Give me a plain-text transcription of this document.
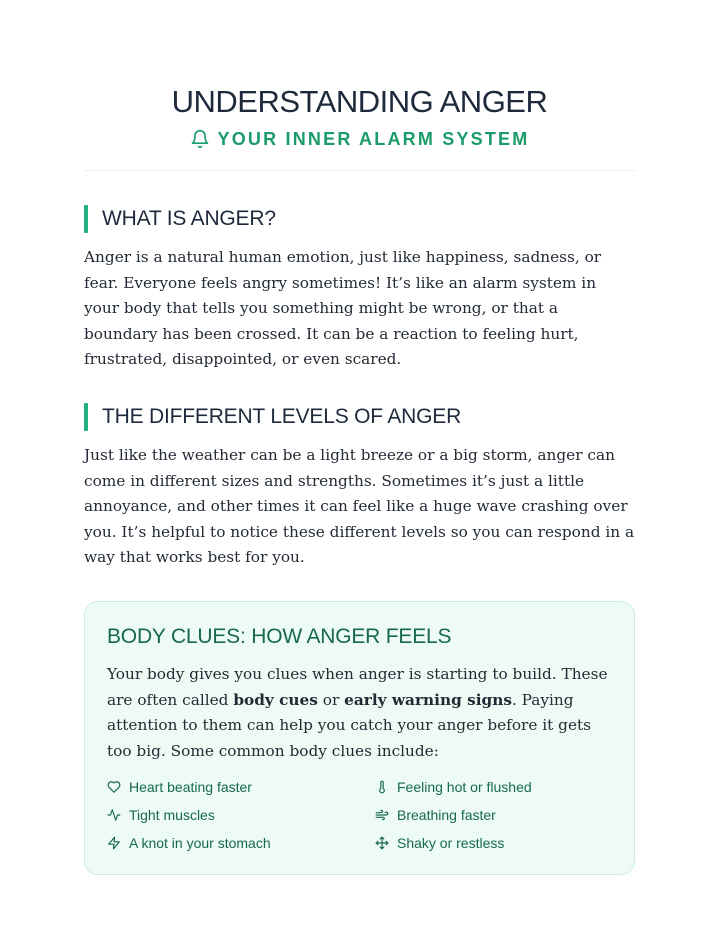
UNDERSTANDING ANGER
YOUR INNER ALARM SYSTEM
WHAT IS ANGER?

Anger is a natural human emotion, just like happiness, sadness, or fear. Everyone feels angry sometimes! It’s like an alarm system in your body that tells you something might be wrong, or that a boundary has been crossed. It can be a reaction to feeling hurt, frustrated, disappointed, or even scared.

THE DIFFERENT LEVELS OF ANGER

Just like the weather can be a light breeze or a big storm, anger can come in different sizes and strengths. Sometimes it’s just a little annoyance, and other times it can feel like a huge wave crashing over you. It’s helpful to notice these different levels so you can respond in a way that works best for you.

BODY CLUES: HOW ANGER FEELS

Your body gives you clues when anger is starting to build. These are often called body cues or early warning signs. Paying attention to them can help you catch your anger before it gets too big. Some common body clues include:

Heart beating faster	Feeling hot or flushed
Tight muscles	Breathing faster
A knot in your stomach	Shaky or restless
